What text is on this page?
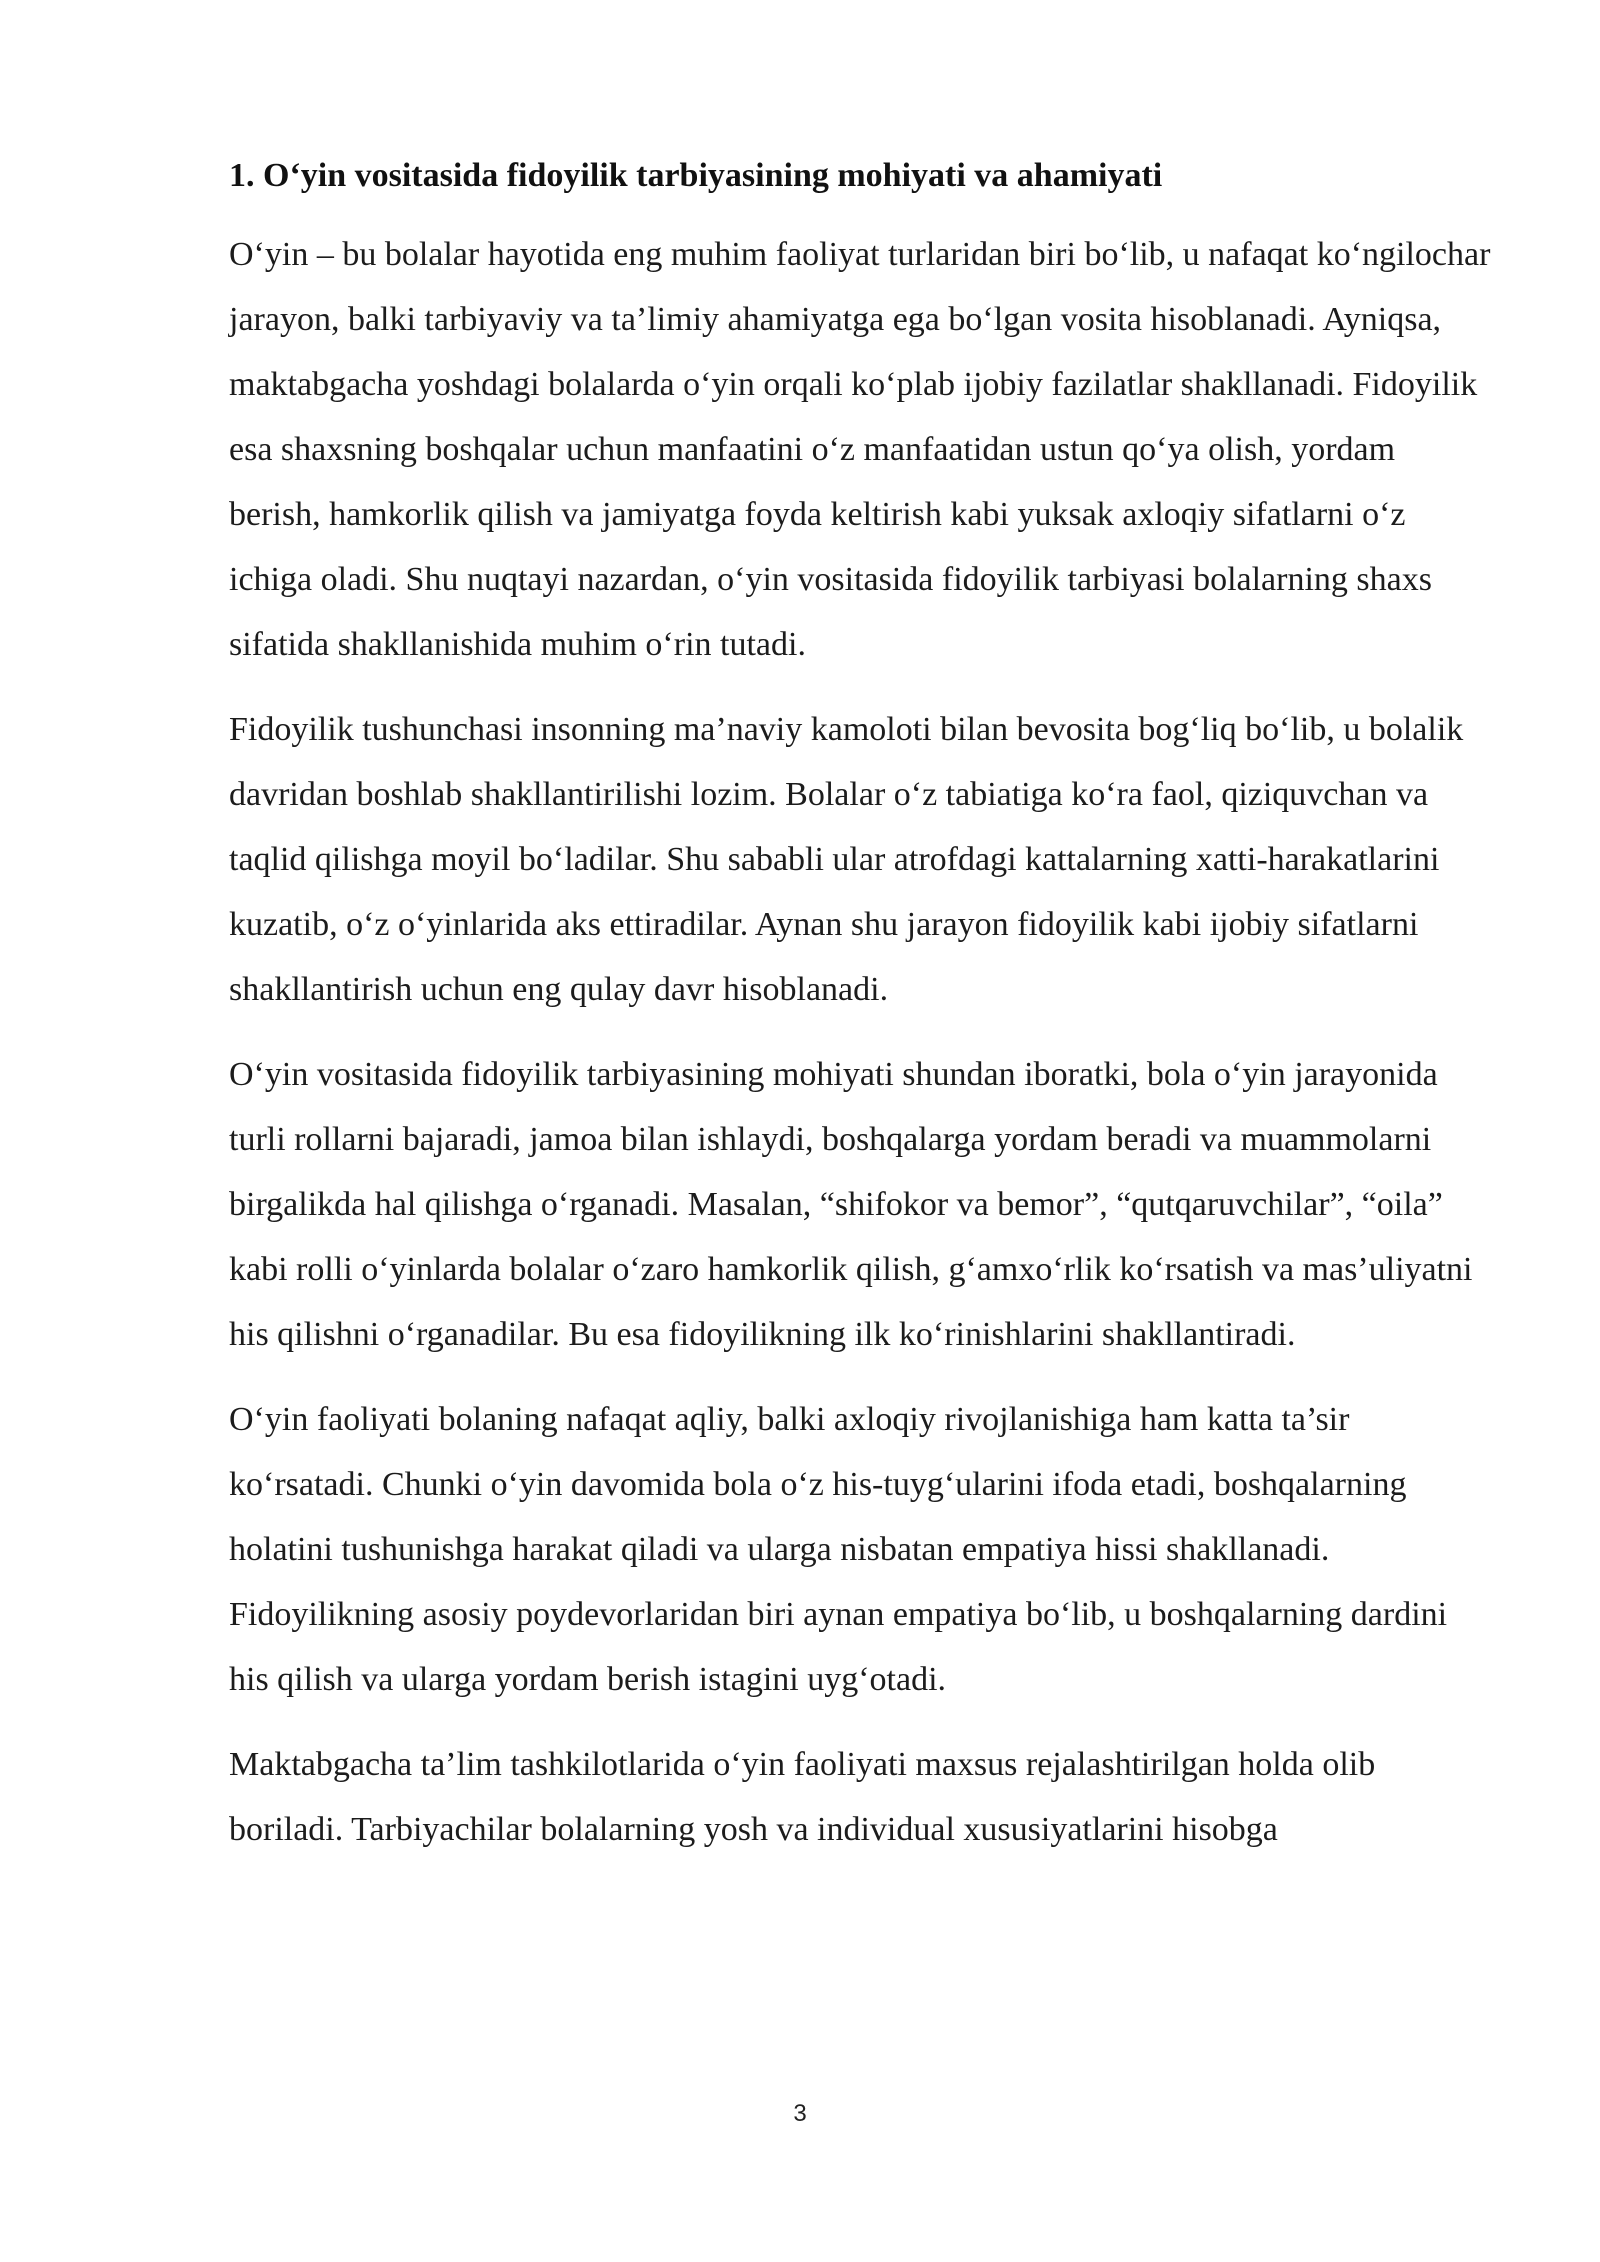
1. O‘yin vositasida fidoyilik tarbiyasining mohiyati va ahamiyati

O‘yin – bu bolalar hayotida eng muhim faoliyat turlaridan biri bo‘lib, u nafaqat ko‘ngilochar jarayon, balki tarbiyaviy va ta’limiy ahamiyatga ega bo‘lgan vosita hisoblanadi. Ayniqsa, maktabgacha yoshdagi bolalarda o‘yin orqali ko‘plab ijobiy fazilatlar shakllanadi. Fidoyilik esa shaxsning boshqalar uchun manfaatini o‘z manfaatidan ustun qo‘ya olish, yordam berish, hamkorlik qilish va jamiyatga foyda keltirish kabi yuksak axloqiy sifatlarni o‘z ichiga oladi. Shu nuqtayi nazardan, o‘yin vositasida fidoyilik tarbiyasi bolalarning shaxs sifatida shakllanishida muhim o‘rin tutadi.

Fidoyilik tushunchasi insonning ma’naviy kamoloti bilan bevosita bog‘liq bo‘lib, u bolalik davridan boshlab shakllantirilishi lozim. Bolalar o‘z tabiatiga ko‘ra faol, qiziquvchan va taqlid qilishga moyil bo‘ladilar. Shu sababli ular atrofdagi kattalarning xatti-harakatlarini kuzatib, o‘z o‘yinlarida aks ettiradilar. Aynan shu jarayon fidoyilik kabi ijobiy sifatlarni shakllantirish uchun eng qulay davr hisoblanadi.

O‘yin vositasida fidoyilik tarbiyasining mohiyati shundan iboratki, bola o‘yin jarayonida turli rollarni bajaradi, jamoa bilan ishlaydi, boshqalarga yordam beradi va muammolarni birgalikda hal qilishga o‘rganadi. Masalan, “shifokor va bemor”, “qutqaruvchilar”, “oila” kabi rolli o‘yinlarda bolalar o‘zaro hamkorlik qilish, g‘amxo‘rlik ko‘rsatish va mas’uliyatni his qilishni o‘rganadilar. Bu esa fidoyilikning ilk ko‘rinishlarini shakllantiradi.

O‘yin faoliyati bolaning nafaqat aqliy, balki axloqiy rivojlanishiga ham katta ta’sir ko‘rsatadi. Chunki o‘yin davomida bola o‘z his-tuyg‘ularini ifoda etadi, boshqalarning holatini tushunishga harakat qiladi va ularga nisbatan empatiya hissi shakllanadi. Fidoyilikning asosiy poydevorlaridan biri aynan empatiya bo‘lib, u boshqalarning dardini his qilish va ularga yordam berish istagini uyg‘otadi.

Maktabgacha ta’lim tashkilotlarida o‘yin faoliyati maxsus rejalashtirilgan holda olib boriladi. Tarbiyachilar bolalarning yosh va individual xususiyatlarini hisobga

3
